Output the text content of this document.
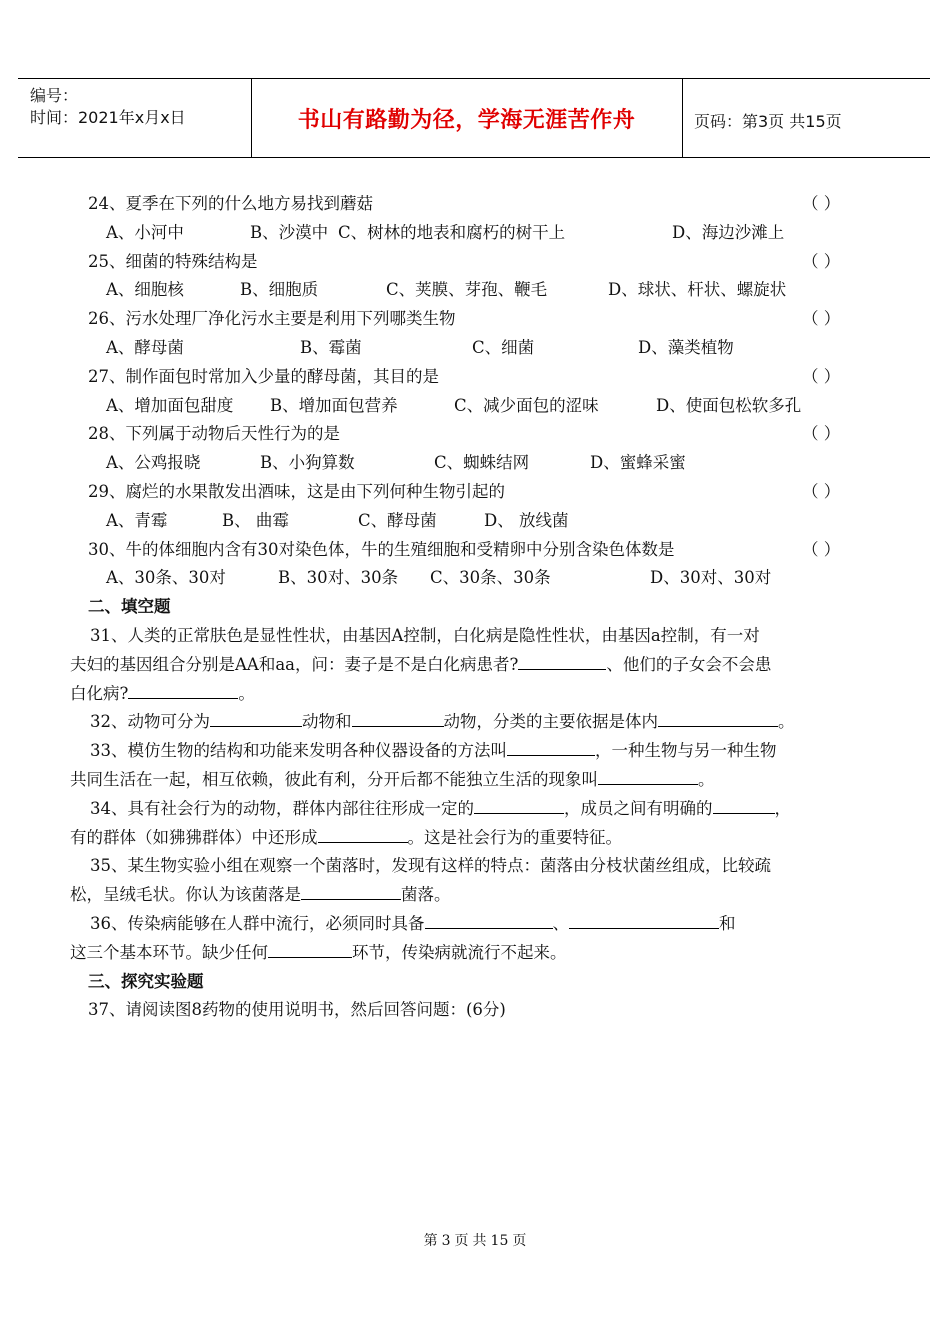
编号：
时间：2021年x月x日	书山有路勤为径，学海无涯苦作舟	页码：第3页 共15页
24、夏季在下列的什么地方易找到蘑菇	（ ）
A、小河中	B、沙漠中 C、树林的地表和腐朽的树干上	D、海边沙滩上
25、细菌的特殊结构是	（ ）
A、细胞核	B、细胞质	C、荚膜、芽孢、鞭毛	D、球状、杆状、螺旋状
26、污水处理厂净化污水主要是利用下列哪类生物	（ ）
A、酵母菌	B、霉菌	C、细菌	D、藻类植物
27、制作面包时常加入少量的酵母菌，其目的是	（ ）
A、增加面包甜度 B、增加面包营养	C、减少面包的涩味	D、使面包松软多孔
28、下列属于动物后天性行为的是	（ ）
A、公鸡报晓	B、小狗算数	C、蜘蛛结网	D、蜜蜂采蜜
29、腐烂的水果散发出酒味，这是由下列何种生物引起的	（ ）
A、青霉	B、 曲霉	C、酵母菌	D、 放线菌
30、牛的体细胞内含有30对染色体，牛的生殖细胞和受精卵中分别含染色体数是	（ ）
A、30条、30对	B、30对、30条 C、30条、30条	D、30对、30对
二、填空题
31、人类的正常肤色是显性性状，由基因A控制，白化病是隐性性状，由基因a控制，有一对
夫妇的基因组合分别是AA和aa，问：妻子是不是白化病患者?	、他们的子女会不会患
白化病?	。
32、动物可分为	动物和	动物，分类的主要依据是体内	。
33、模仿生物的结构和功能来发明各种仪器设备的方法叫	，一种生物与另一种生物
共同生活在一起，相互依赖，彼此有利，分开后都不能独立生活的现象叫	。
34、具有社会行为的动物，群体内部往往形成一定的	，成员之间有明确的	，
有的群体（如狒狒群体）中还形成	。这是社会行为的重要特征。
35、某生物实验小组在观察一个菌落时，发现有这样的特点：菌落由分枝状菌丝组成，比较疏
松，呈绒毛状。你认为该菌落是	菌落。
36、传染病能够在人群中流行，必须同时具备	、	和
这三个基本环节。缺少任何	环节，传染病就流行不起来。
三、探究实验题
37、请阅读图8药物的使用说明书，然后回答问题：(6分)
第 3 页 共 15 页
